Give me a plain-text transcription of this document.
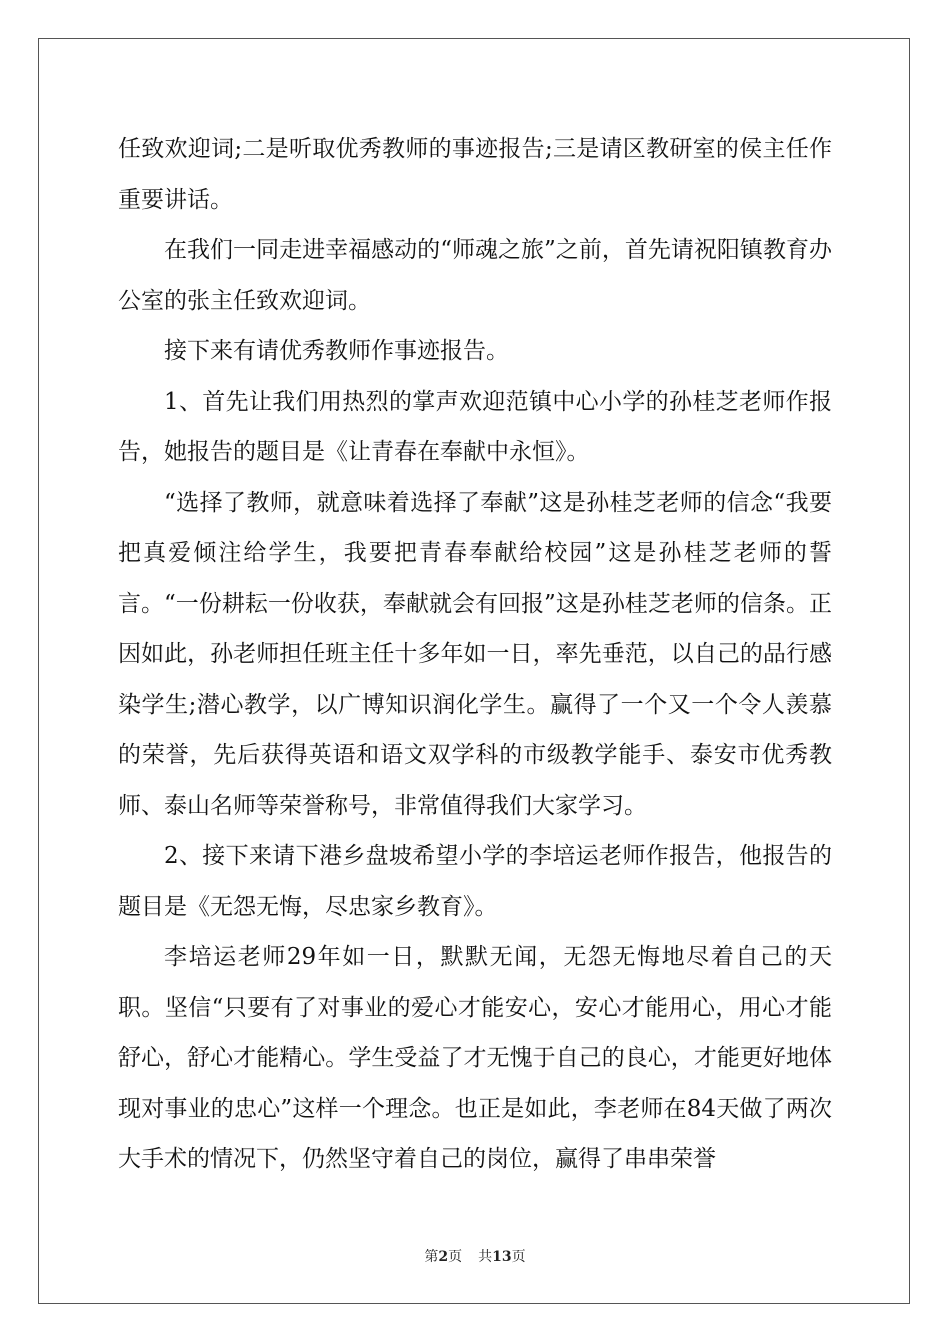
任致欢迎词;二是听取优秀教师的事迹报告;三是请区教研室的侯主任作重要讲话。

在我们一同走进幸福感动的“师魂之旅”之前，首先请祝阳镇教育办公室的张主任致欢迎词。

接下来有请优秀教师作事迹报告。

1、首先让我们用热烈的掌声欢迎范镇中心小学的孙桂芝老师作报告，她报告的题目是《让青春在奉献中永恒》。

“选择了教师，就意味着选择了奉献”这是孙桂芝老师的信念“我要把真爱倾注给学生，我要把青春奉献给校园”这是孙桂芝老师的誓言。“一份耕耘一份收获，奉献就会有回报”这是孙桂芝老师的信条。正因如此，孙老师担任班主任十多年如一日，率先垂范，以自己的品行感染学生;潜心教学，以广博知识润化学生。赢得了一个又一个令人羡慕的荣誉，先后获得英语和语文双学科的市级教学能手、泰安市优秀教师、泰山名师等荣誉称号，非常值得我们大家学习。

2、接下来请下港乡盘坡希望小学的李培运老师作报告，他报告的题目是《无怨无悔，尽忠家乡教育》。

李培运老师29年如一日，默默无闻，无怨无悔地尽着自己的天职。坚信“只要有了对事业的爱心才能安心，安心才能用心，用心才能舒心，舒心才能精心。学生受益了才无愧于自己的良心，才能更好地体现对事业的忠心”这样一个理念。也正是如此，李老师在84天做了两次大手术的情况下，仍然坚守着自己的岗位，赢得了串串荣誉

第2页 共13页
